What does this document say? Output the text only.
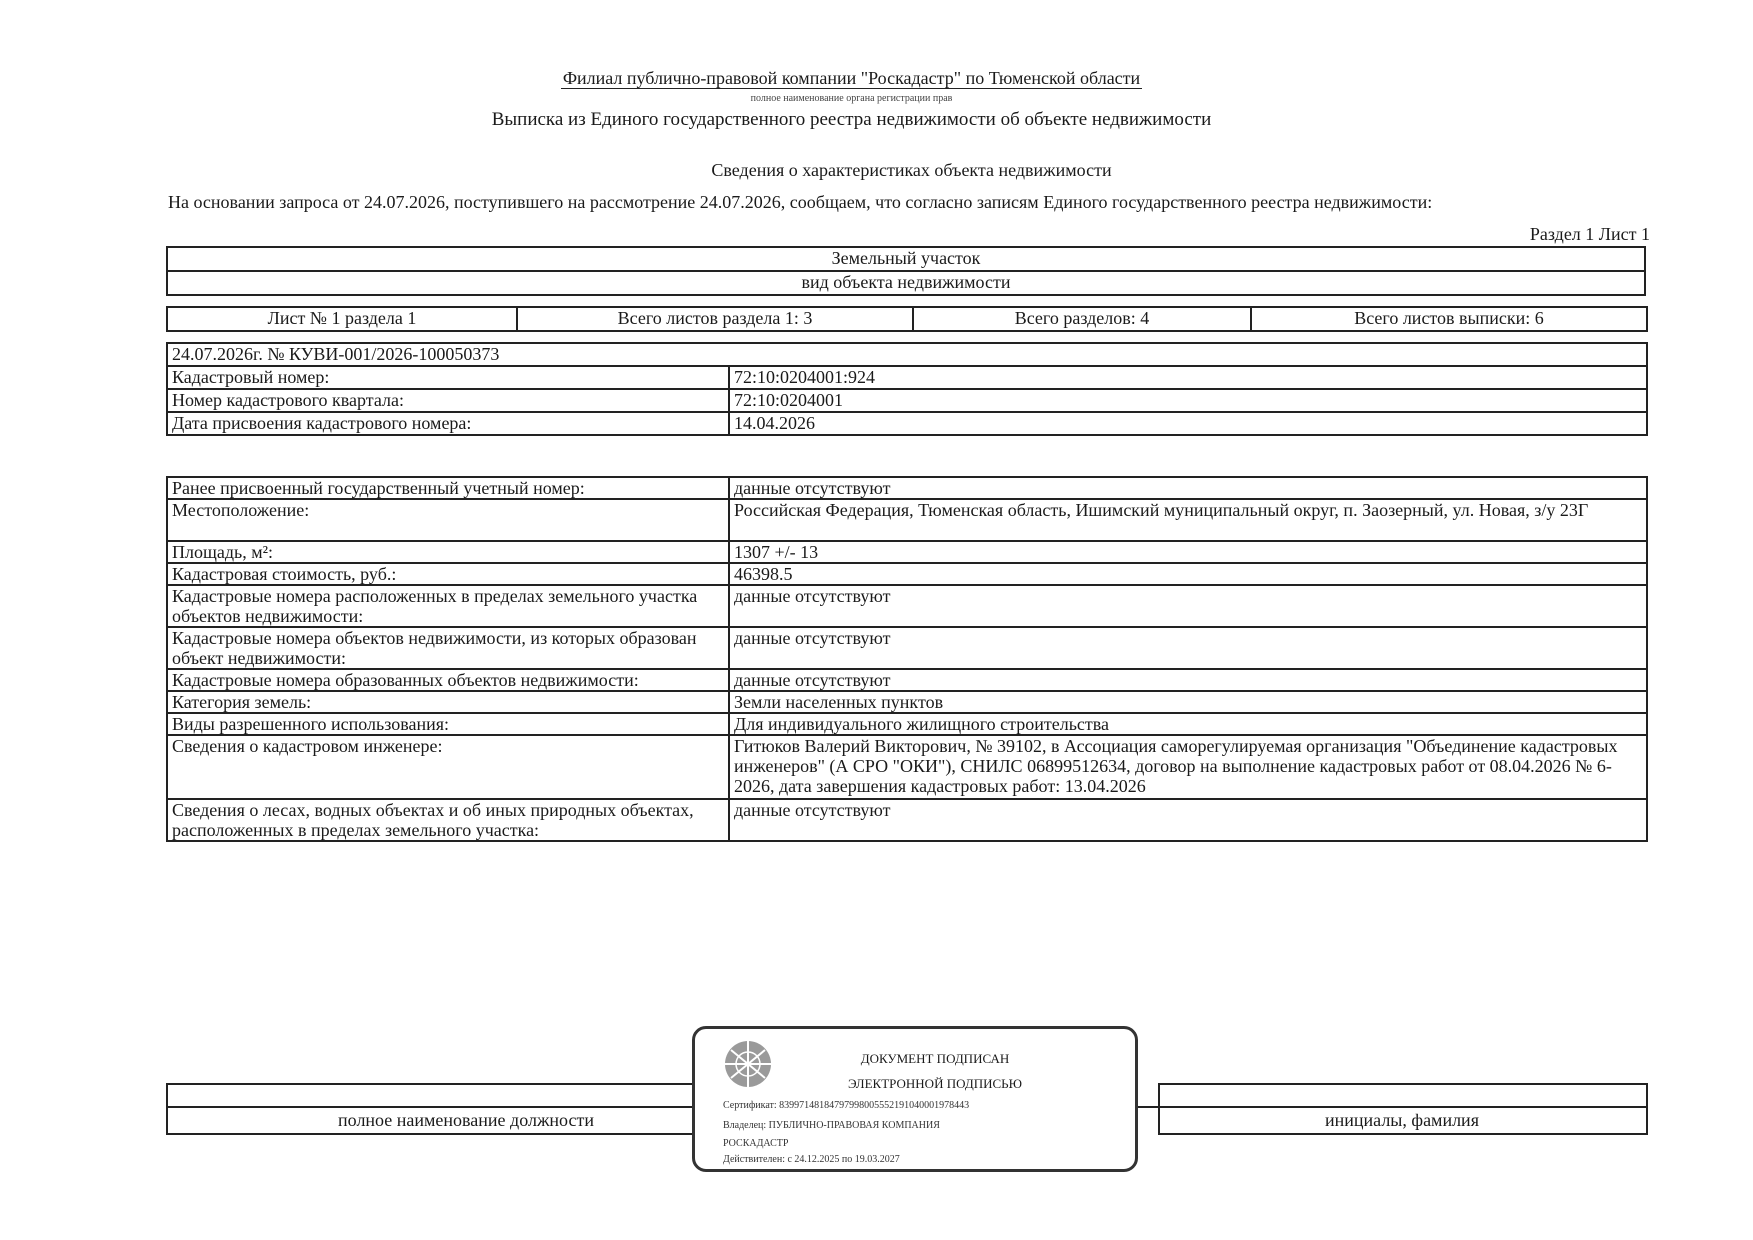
Филиал публично-правовой компании "Роскадастр" по Тюменской области
полное наименование органа регистрации прав
Выписка из Единого государственного реестра недвижимости об объекте недвижимости
Сведения о характеристиках объекта недвижимости
На основании запроса от 24.07.2026, поступившего на рассмотрение 24.07.2026, сообщаем, что согласно записям Единого государственного реестра недвижимости:
Раздел 1 Лист 1
Земельный участок
вид объекта недвижимости
Лист № 1 раздела 1	Всего листов раздела 1: 3	Всего разделов: 4	Всего листов выписки: 6
24.07.2026г. № КУВИ-001/2026-100050373	
Кадастровый номер:	72:10:0204001:924
Номер кадастрового квартала:	72:10:0204001
Дата присвоения кадастрового номера:	14.04.2026
Ранее присвоенный государственный учетный номер:	данные отсутствуют
Местоположение:	Российская Федерация, Тюменская область, Ишимский муниципальный округ, п. Заозерный, ул. Новая, з/у 23Г
Площадь, м²:	1307 +/- 13
Кадастровая стоимость, руб.:	46398.5
Кадастровые номера расположенных в пределах земельного участка объектов недвижимости:	данные отсутствуют
Кадастровые номера объектов недвижимости, из которых образован объект недвижимости:	данные отсутствуют
Кадастровые номера образованных объектов недвижимости:	данные отсутствуют
Категория земель:	Земли населенных пунктов
Виды разрешенного использования:	Для индивидуального жилищного строительства
Сведения о кадастровом инженере:	Гитюков Валерий Викторович, № 39102, в Ассоциация саморегулируемая организация "Объединение кадастровых инженеров" (А СРО "ОКИ"), СНИЛС 06899512634, договор на выполнение кадастровых работ от 08.04.2026 № 6-2026, дата завершения кадастровых работ: 13.04.2026
Сведения о лесах, водных объектах и об иных природных объектах, расположенных в пределах земельного участка:	данные отсутствуют
полное наименование должности	инициалы, фамилия
ДОКУМЕНТ ПОДПИСАН
ЭЛЕКТРОННОЙ ПОДПИСЬЮ
Сертификат: 83997148184797998005552191040001978443
Владелец: ПУБЛИЧНО-ПРАВОВАЯ КОМПАНИЯ
РОСКАДАСТР
Действителен: с 24.12.2025 по 19.03.2027
